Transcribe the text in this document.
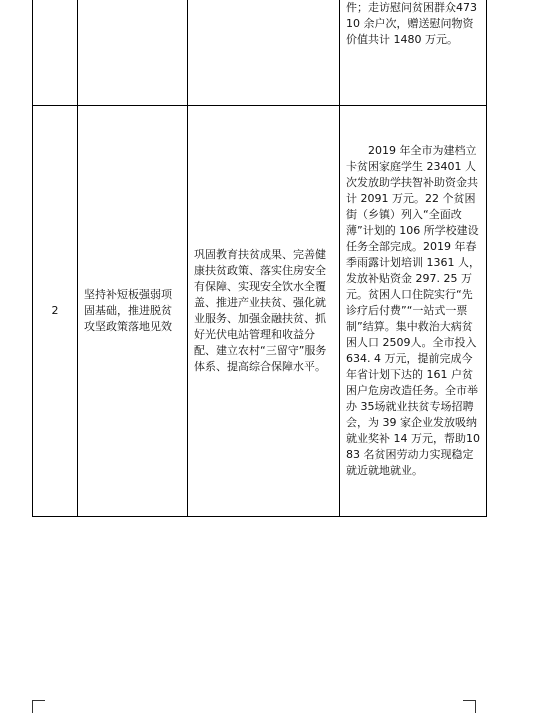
			件；走访慰问贫困群众47310 余户次，赠送慰问物资价值共计 1480 万元。

2	坚持补短板强弱项固基础，推进脱贫攻坚政策落地见效	巩固教育扶贫成果、完善健康扶贫政策、落实住房安全有保障、实现安全饮水全覆盖、推进产业扶贫、强化就业服务、加强金融扶贫、抓好光伏电站管理和收益分配、建立农村“三留守”服务体系、提高综合保障水平。	2019 年全市为建档立卡贫困家庭学生 23401 人次发放助学扶智补助资金共计 2091 万元。22 个贫困街（乡镇）列入“全面改薄”计划的 106 所学校建设任务全部完成。2019 年春季雨露计划培训 1361 人，发放补贴资金 297. 25 万元。贫困人口住院实行“先诊疗后付费”“一站式一票制”结算。集中救治大病贫困人口 2509人。全市投入 634. 4 万元，提前完成今年省计划下达的 161 户贫困户危房改造任务。全市举办 35场就业扶贫专场招聘会，为 39 家企业发放吸纳就业奖补 14 万元，帮助1083 名贫困劳动力实现稳定就近就地就业。
